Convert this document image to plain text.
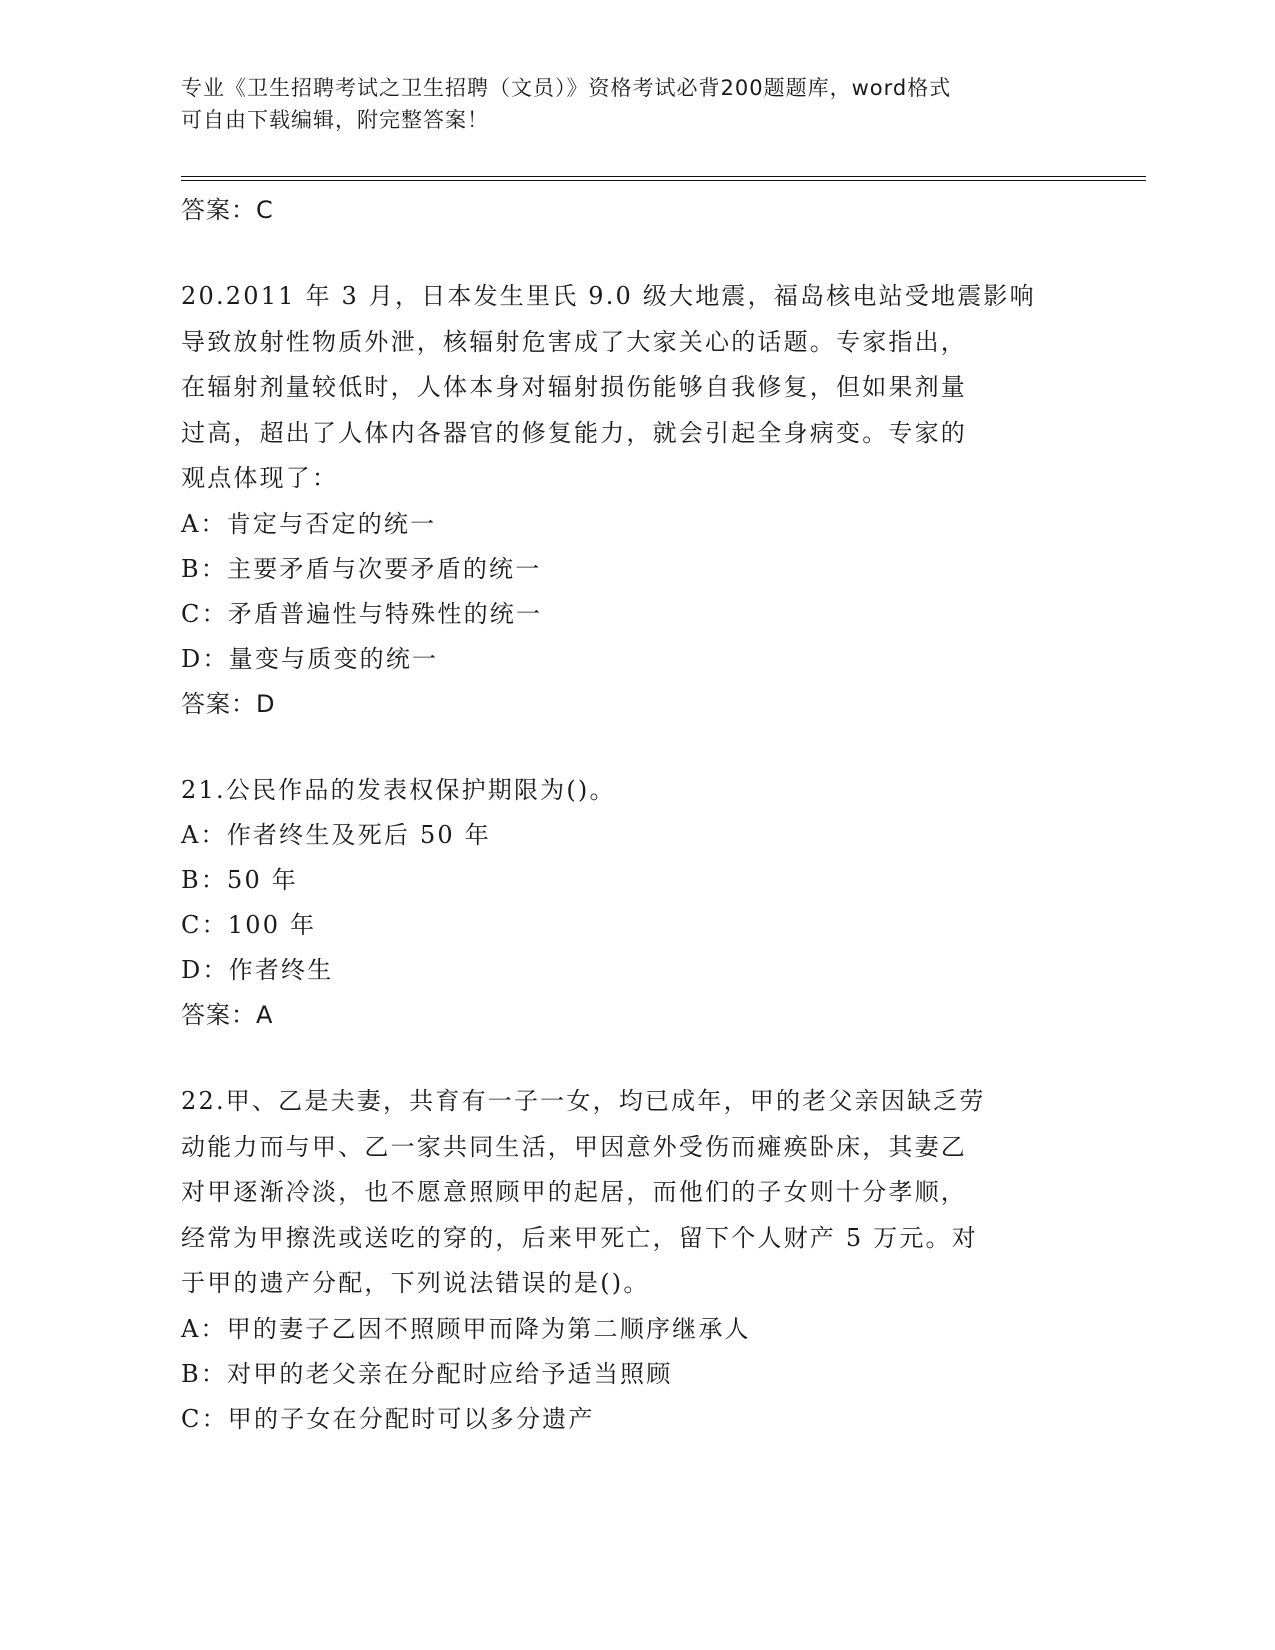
专业《卫生招聘考试之卫生招聘（文员）》资格考试必背200题题库，word格式
可自由下载编辑，附完整答案！
答案：C
20.2011 年 3 月，日本发生里氏 9.0 级大地震，福岛核电站受地震影响
导致放射性物质外泄，核辐射危害成了大家关心的话题。专家指出，
在辐射剂量较低时，人体本身对辐射损伤能够自我修复，但如果剂量
过高，超出了人体内各器官的修复能力，就会引起全身病变。专家的
观点体现了：
A：肯定与否定的统一
B：主要矛盾与次要矛盾的统一
C：矛盾普遍性与特殊性的统一
D：量变与质变的统一
答案：D
21.公民作品的发表权保护期限为()。
A：作者终生及死后 50 年
B：50 年
C：100 年
D：作者终生
答案：A
22.甲、乙是夫妻，共育有一子一女，均已成年，甲的老父亲因缺乏劳
动能力而与甲、乙一家共同生活，甲因意外受伤而瘫痪卧床，其妻乙
对甲逐渐冷淡，也不愿意照顾甲的起居，而他们的子女则十分孝顺，
经常为甲擦洗或送吃的穿的，后来甲死亡，留下个人财产 5 万元。对
于甲的遗产分配，下列说法错误的是()。
A：甲的妻子乙因不照顾甲而降为第二顺序继承人
B：对甲的老父亲在分配时应给予适当照顾
C：甲的子女在分配时可以多分遗产
